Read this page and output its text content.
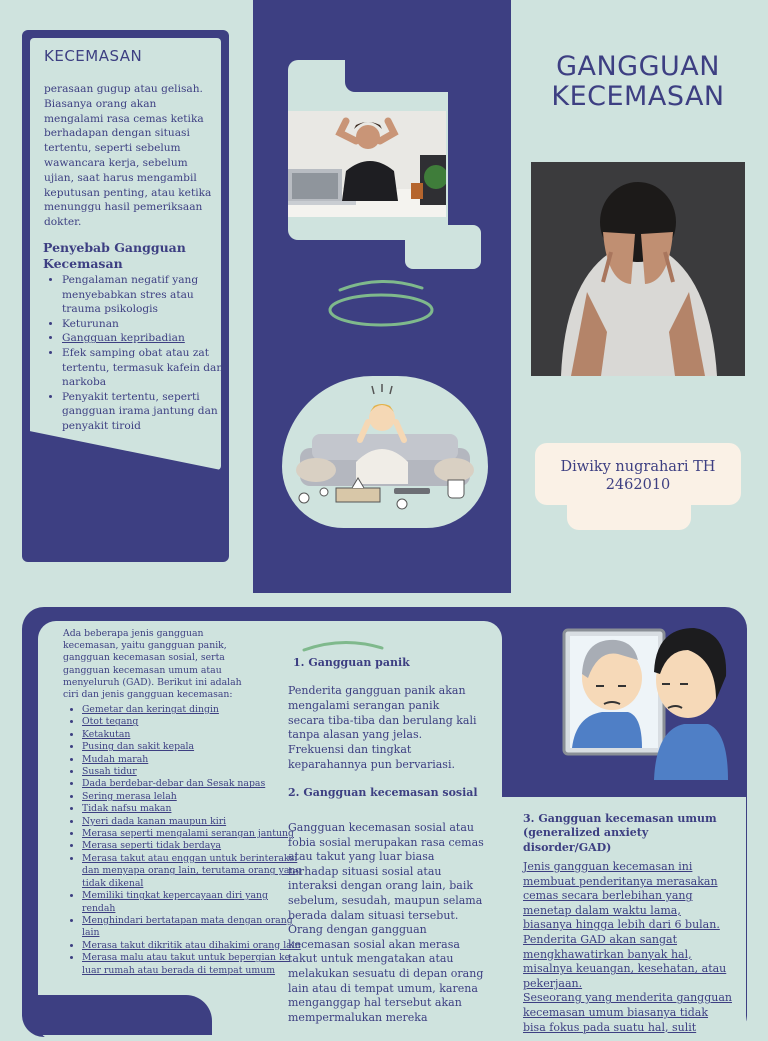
KECEMASAN
perasaan gugup atau gelisah. Biasanya orang akan mengalami rasa cemas ketika berhadapan dengan situasi tertentu, seperti sebelum wawancara kerja, sebelum ujian, saat harus mengambil keputusan penting, atau ketika menunggu hasil pemeriksaan dokter.
Penyebab Gangguan Kecemasan
• Pengalaman negatif yang menyebabkan stres atau trauma psikologis
• Keturunan
• Gangguan kepribadian
• Efek samping obat atau zat tertentu, termasuk kafein dan narkoba
• Penyakit tertentu, seperti gangguan irama jantung dan penyakit tiroid
GANGGUAN KECEMASAN
Diwiky nugrahari TH
2462010
Ada beberapa jenis gangguan kecemasan, yaitu gangguan panik, gangguan kecemasan sosial, serta gangguan kecemasan umum atau menyeluruh (GAD). Berikut ini adalah ciri dan jenis gangguan kecemasan:
• Gemetar dan keringat dingin
• Otot tegang
• Ketakutan
• Pusing dan sakit kepala
• Mudah marah
• Susah tidur
• Dada berdebar-debar dan Sesak napas
• Sering merasa lelah
• Tidak nafsu makan
• Nyeri dada kanan maupun kiri
• Merasa seperti mengalami serangan jantung
• Merasa seperti tidak berdaya
• Merasa takut atau enggan untuk berinteraksi dan menyapa orang lain, terutama orang yang tidak dikenal
• Memiliki tingkat kepercayaan diri yang rendah
• Menghindari bertatapan mata dengan orang lain
• Merasa takut dikritik atau dihakimi orang lain
• Merasa malu atau takut untuk bepergian ke luar rumah atau berada di tempat umum
1. Gangguan panik
Penderita gangguan panik akan mengalami serangan panik secara tiba-tiba dan berulang kali tanpa alasan yang jelas. Frekuensi dan tingkat keparahannya pun bervariasi.
2. Gangguan kecemasan sosial
Gangguan kecemasan sosial atau fobia sosial merupakan rasa cemas atau takut yang luar biasa terhadap situasi sosial atau interaksi dengan orang lain, baik sebelum, sesudah, maupun selama berada dalam situasi tersebut.
Orang dengan gangguan kecemasan sosial akan merasa takut untuk mengatakan atau melakukan sesuatu di depan orang lain atau di tempat umum, karena menganggap hal tersebut akan mempermalukan mereka
3. Gangguan kecemasan umum (generalized anxiety disorder/GAD)
Jenis gangguan kecemasan ini membuat penderitanya merasakan cemas secara berlebihan yang menetap dalam waktu lama, biasanya hingga lebih dari 6 bulan. Penderita GAD akan sangat mengkhawatirkan banyak hal, misalnya keuangan, kesehatan, atau pekerjaan.
Seseorang yang menderita gangguan kecemasan umum biasanya tidak bisa fokus pada suatu hal, sulit
